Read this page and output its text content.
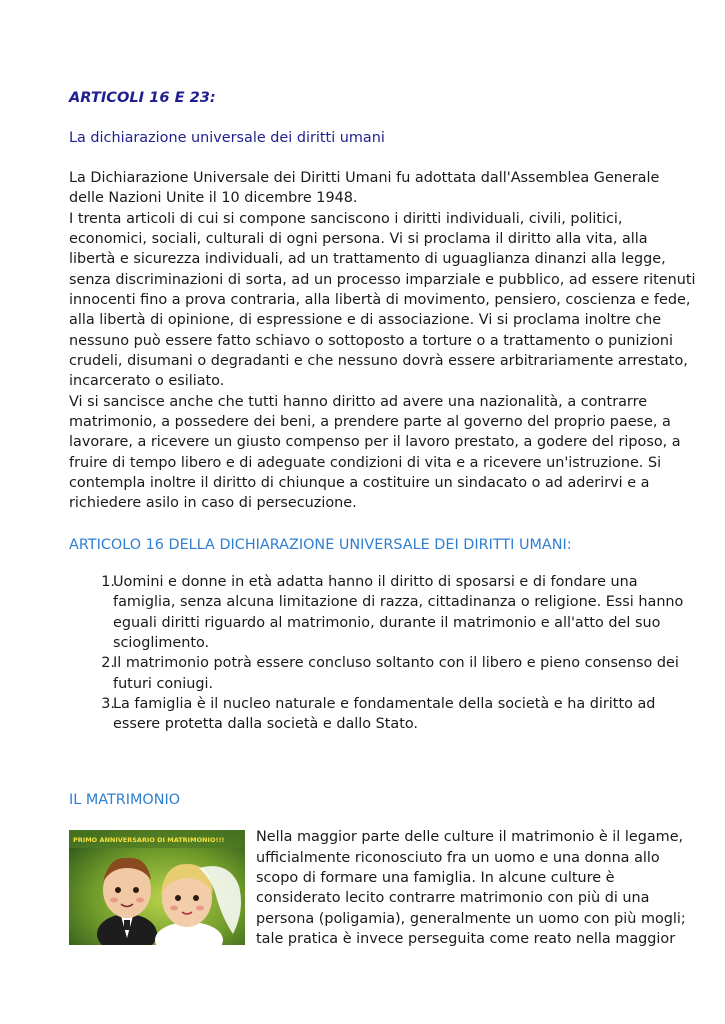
ARTICOLI 16 E 23:

La dichiarazione universale dei diritti umani

La Dichiarazione Universale dei Diritti Umani fu adottata dall'Assemblea Generale

delle Nazioni Unite il 10 dicembre 1948.

I trenta articoli di cui si compone sanciscono i diritti individuali, civili, politici,

economici, sociali, culturali di ogni persona. Vi si proclama il diritto alla vita, alla

libertà e sicurezza individuali, ad un trattamento di uguaglianza dinanzi alla legge,

senza discriminazioni di sorta, ad un processo imparziale e pubblico, ad essere ritenuti

innocenti fino a prova contraria, alla libertà di movimento, pensiero, coscienza e fede,

alla libertà di opinione, di espressione e di associazione. Vi si proclama inoltre che

nessuno può essere fatto schiavo o sottoposto a torture o a trattamento o punizioni

crudeli, disumani o degradanti e che nessuno dovrà essere arbitrariamente arrestato,

incarcerato o esiliato.

Vi si sancisce anche che tutti hanno diritto ad avere una nazionalità, a contrarre

matrimonio, a possedere dei beni, a prendere parte al governo del proprio paese, a

lavorare, a ricevere un giusto compenso per il lavoro prestato, a godere del riposo, a

fruire di tempo libero e di adeguate condizioni di vita e a ricevere un'istruzione. Si

contempla inoltre il diritto di chiunque a costituire un sindacato o ad aderirvi e a

richiedere asilo in caso di persecuzione.

ARTICOLO 16 DELLA DICHIARAZIONE UNIVERSALE DEI DIRITTI UMANI:

1.

Uomini e donne in età adatta hanno il diritto di sposarsi e di fondare una

famiglia, senza alcuna limitazione di razza, cittadinanza o religione. Essi hanno

eguali diritti riguardo al matrimonio, durante il matrimonio e all'atto del suo

scioglimento.

2.

Il matrimonio potrà essere concluso soltanto con il libero e pieno consenso dei

futuri coniugi.

3.

La famiglia è il nucleo naturale e fondamentale della società e ha diritto ad

essere protetta dalla società e dallo Stato.

IL MATRIMONIO

PRIMO ANNIVERSARIO DI MATRIMONIO!!! Nella maggior parte delle culture il matrimonio è il legame,

ufficialmente riconosciuto fra un uomo e una donna allo

scopo di formare una famiglia. In alcune culture è

considerato lecito contrarre matrimonio con più di una

persona (poligamia), generalmente un uomo con più mogli;

tale pratica è invece perseguita come reato nella maggior
